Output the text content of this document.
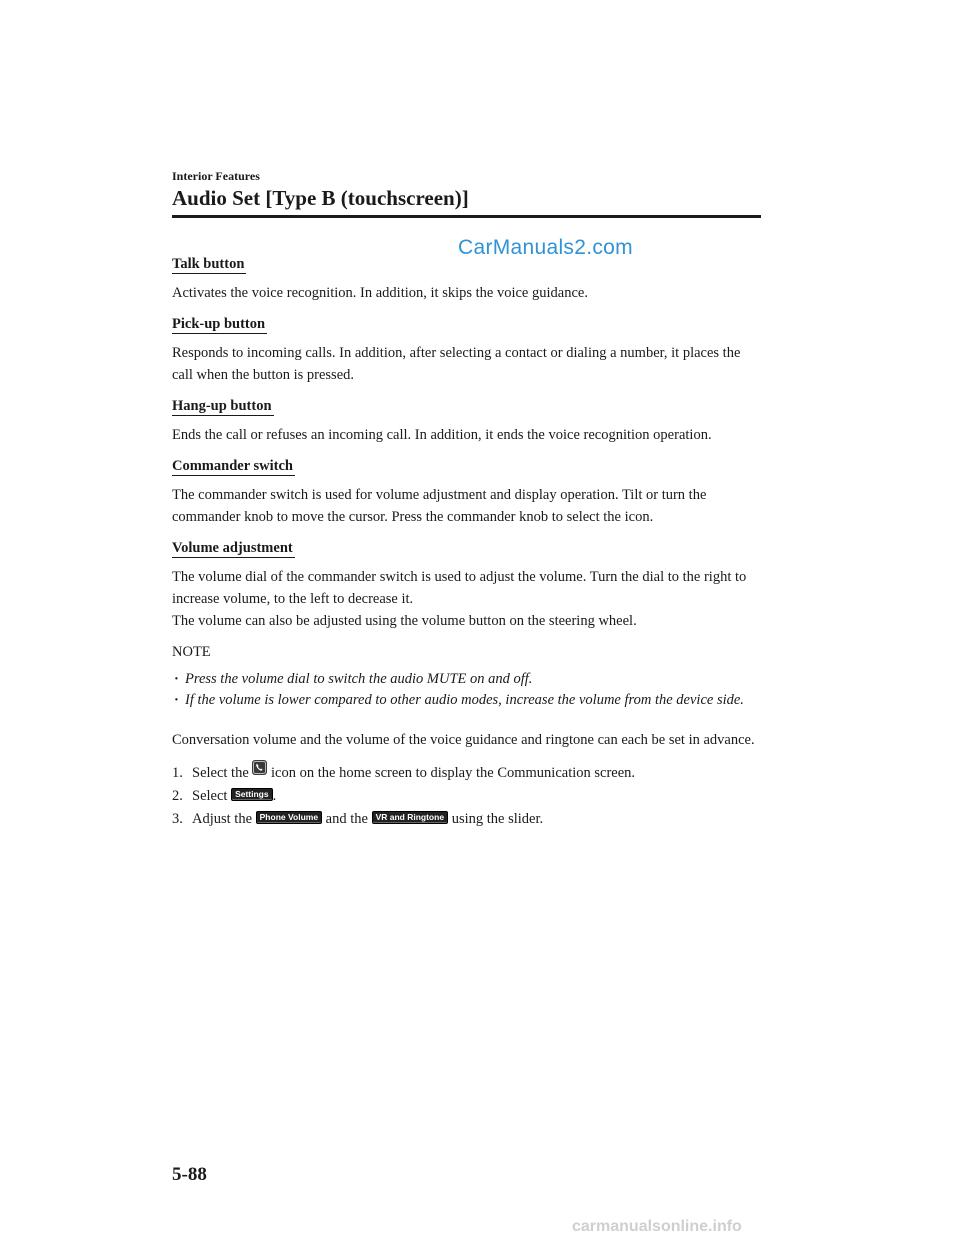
Interior Features
Audio Set [Type B (touchscreen)]
CarManuals2.com
Talk button

Activates the voice recognition. In addition, it skips the voice guidance.

Pick-up button

Responds to incoming calls. In addition, after selecting a contact or dialing a number, it places the call when the button is pressed.

Hang-up button

Ends the call or refuses an incoming call. In addition, it ends the voice recognition operation.

Commander switch

The commander switch is used for volume adjustment and display operation. Tilt or turn the commander knob to move the cursor. Press the commander knob to select the icon.

Volume adjustment

The volume dial of the commander switch is used to adjust the volume. Turn the dial to the right to increase volume, to the left to decrease it.

The volume can also be adjusted using the volume button on the steering wheel.

NOTE
· Press the volume dial to switch the audio MUTE on and off.
· If the volume is lower compared to other audio modes, increase the volume from the device side.

Conversation volume and the volume of the voice guidance and ringtone can each be set in advance.

1. Select the icon on the home screen to display the Communication screen.
2. Select Settings .
3. Adjust the Phone Volume and the VR and Ringtone using the slider.
5-88
carmanualsonline.info
